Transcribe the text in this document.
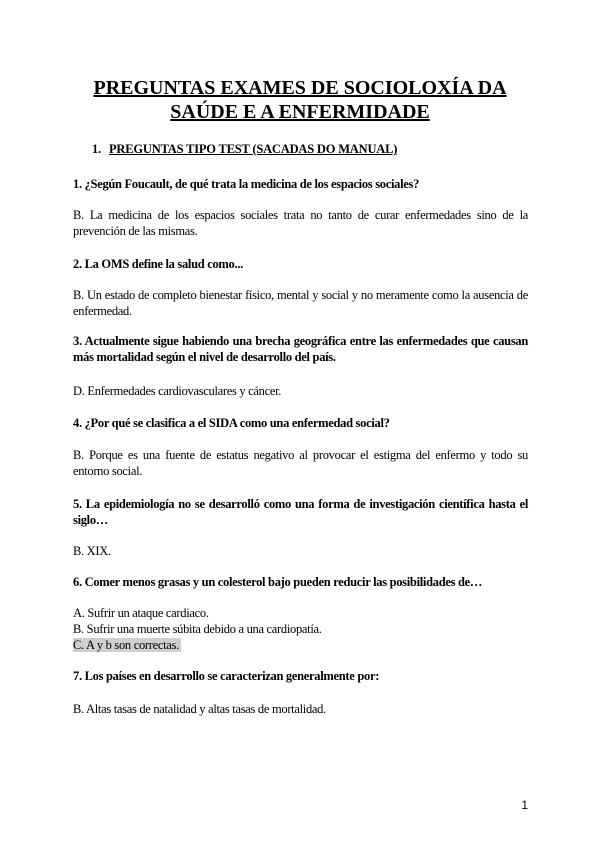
PREGUNTAS EXAMES DE SOCIOLOXÍA DA SAÚDE E A ENFERMIDADE
1. PREGUNTAS TIPO TEST (SACADAS DO MANUAL)

1. ¿Según Foucault, de qué trata la medicina de los espacios sociales?

B. La medicina de los espacios sociales trata no tanto de curar enfermedades sino de la prevención de las mismas.

2. La OMS define la salud como...

B. Un estado de completo bienestar físico, mental y social y no meramente como la ausencia de enfermedad.

3. Actualmente sigue habiendo una brecha geográfica entre las enfermedades que causan más mortalidad según el nivel de desarrollo del país.

D. Enfermedades cardiovasculares y cáncer.

4. ¿Por qué se clasifica a el SIDA como una enfermedad social?

B. Porque es una fuente de estatus negativo al provocar el estigma del enfermo y todo su entorno social.

5. La epidemiología no se desarrolló como una forma de investigación científica hasta el siglo…

B. XIX.

6. Comer menos grasas y un colesterol bajo pueden reducir las posibilidades de…

A. Sufrir un ataque cardiaco.

B. Sufrir una muerte súbita debido a una cardiopatía.

C. A y b son correctas.

7. Los países en desarrollo se caracterizan generalmente por:

B. Altas tasas de natalidad y altas tasas de mortalidad.

1
